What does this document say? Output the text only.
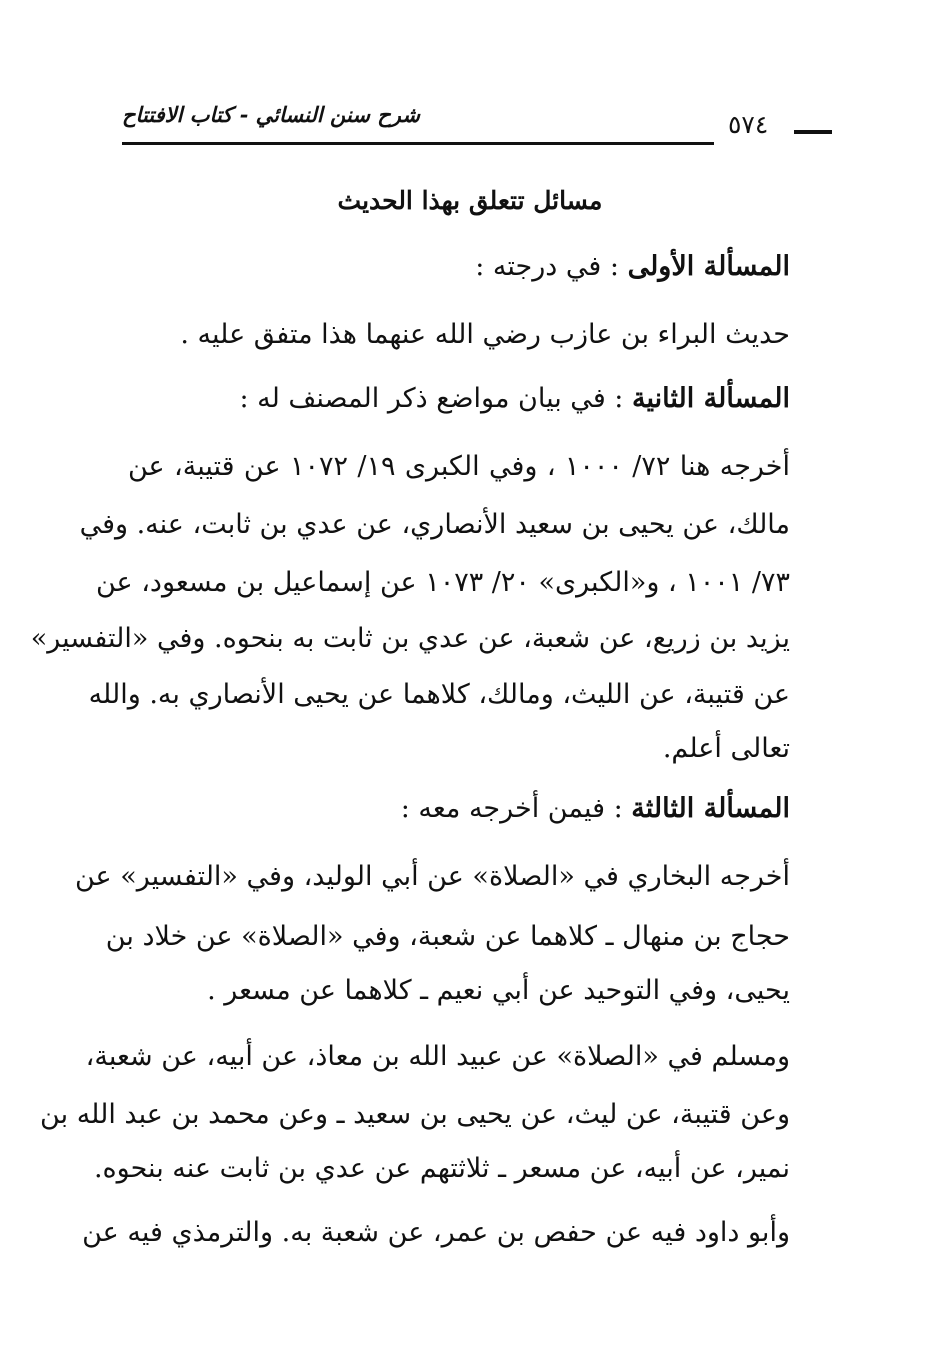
شرح سنن النسائي - كتاب الافتتاح	٥٧٤
مسائل تتعلق بهذا الحديث
المسألة الأولى : في درجته :
حديث البراء بن عازب رضي الله عنهما هذا متفق عليه .
المسألة الثانية : في بيان مواضع ذكر المصنف له :
أخرجه هنا ٧٢/ ١٠٠٠ ، وفي الكبرى ١٩/ ١٠٧٢ عن قتيبة، عن
مالك، عن يحيى بن سعيد الأنصاري، عن عدي بن ثابت، عنه. وفي
٧٣/ ١٠٠١ ، و«الكبرى» ٢٠/ ١٠٧٣ عن إسماعيل بن مسعود، عن
يزيد بن زريع، عن شعبة، عن عدي بن ثابت به بنحوه. وفي «التفسير»
عن قتيبة، عن الليث، ومالك، كلاهما عن يحيى الأنصاري به. والله
تعالى أعلم.
المسألة الثالثة : فيمن أخرجه معه :
أخرجه البخاري في «الصلاة» عن أبي الوليد، وفي «التفسير» عن
حجاج بن منهال ـ كلاهما عن شعبة، وفي «الصلاة» عن خلاد بن
يحيى، وفي التوحيد عن أبي نعيم ـ كلاهما عن مسعر .
ومسلم في «الصلاة» عن عبيد الله بن معاذ، عن أبيه، عن شعبة،
وعن قتيبة، عن ليث، عن يحيى بن سعيد ـ وعن محمد بن عبد الله بن
نمير، عن أبيه، عن مسعر ـ ثلاثتهم عن عدي بن ثابت عنه بنحوه.
وأبو داود فيه عن حفص بن عمر، عن شعبة به. والترمذي فيه عن
